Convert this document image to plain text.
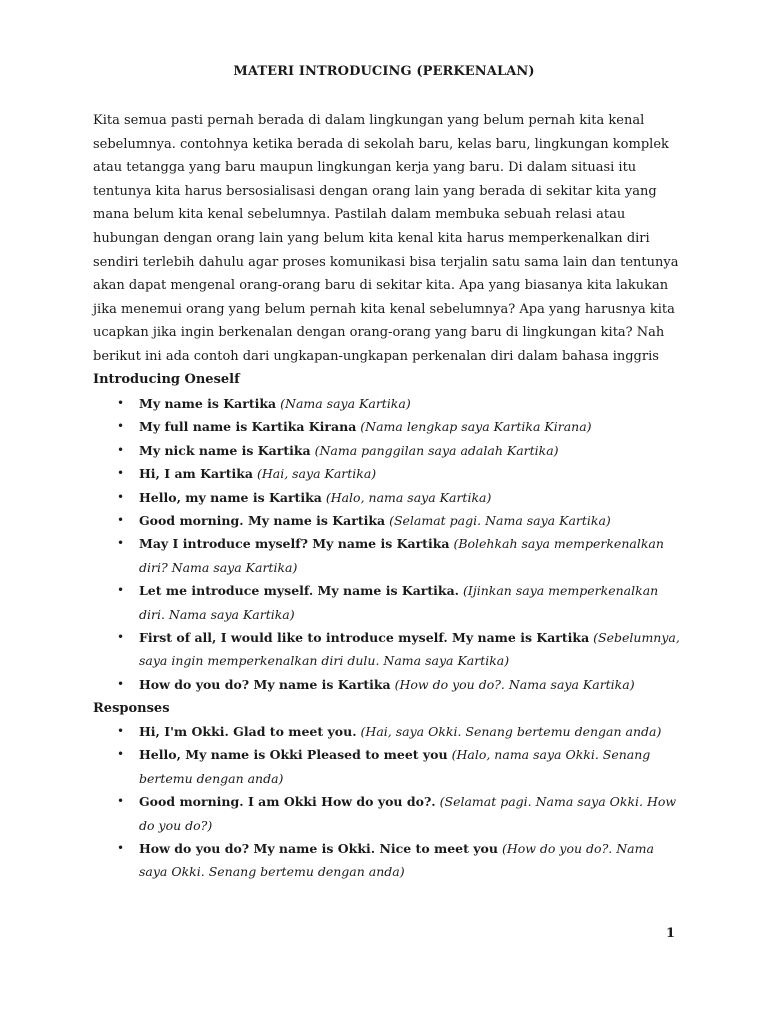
MATERI INTRODUCING (PERKENALAN)

Kita semua pasti pernah berada di dalam lingkungan yang belum pernah kita kenal sebelumnya. contohnya ketika berada di sekolah baru, kelas baru, lingkungan komplek atau tetangga yang baru maupun lingkungan kerja yang baru. Di dalam situasi itu tentunya kita harus bersosialisasi dengan orang lain yang berada di sekitar kita yang mana belum kita kenal sebelumnya. Pastilah dalam membuka sebuah relasi atau hubungan dengan orang lain yang belum kita kenal kita harus memperkenalkan diri sendiri terlebih dahulu agar proses komunikasi bisa terjalin satu sama lain dan tentunya akan dapat mengenal orang-orang baru di sekitar kita. Apa yang biasanya kita lakukan jika menemui orang yang belum pernah kita kenal sebelumnya? Apa yang harusnya kita ucapkan jika ingin berkenalan dengan orang-orang yang baru di lingkungan kita? Nah berikut ini ada contoh dari ungkapan-ungkapan perkenalan diri dalam bahasa inggris

Introducing Oneself
• My name is Kartika (Nama saya Kartika)
• My full name is Kartika Kirana (Nama lengkap saya Kartika Kirana)
• My nick name is Kartika (Nama panggilan saya adalah Kartika)
• Hi, I am Kartika (Hai, saya Kartika)
• Hello, my name is Kartika (Halo, nama saya Kartika)
• Good morning. My name is Kartika (Selamat pagi. Nama saya Kartika)
• May I introduce myself? My name is Kartika (Bolehkah saya memperkenalkan diri? Nama saya Kartika)
• Let me introduce myself. My name is Kartika. (Ijinkan saya memperkenalkan diri. Nama saya Kartika)
• First of all, I would like to introduce myself. My name is Kartika (Sebelumnya, saya ingin memperkenalkan diri dulu. Nama saya Kartika)
• How do you do? My name is Kartika (How do you do?. Nama saya Kartika)
Responses
• Hi, I'm Okki. Glad to meet you. (Hai, saya Okki. Senang bertemu dengan anda)
• Hello, My name is Okki Pleased to meet you (Halo, nama saya Okki. Senang bertemu dengan anda)
• Good morning. I am Okki How do you do?. (Selamat pagi. Nama saya Okki. How do you do?)
• How do you do? My name is Okki. Nice to meet you (How do you do?. Nama saya Okki. Senang bertemu dengan anda)
1
